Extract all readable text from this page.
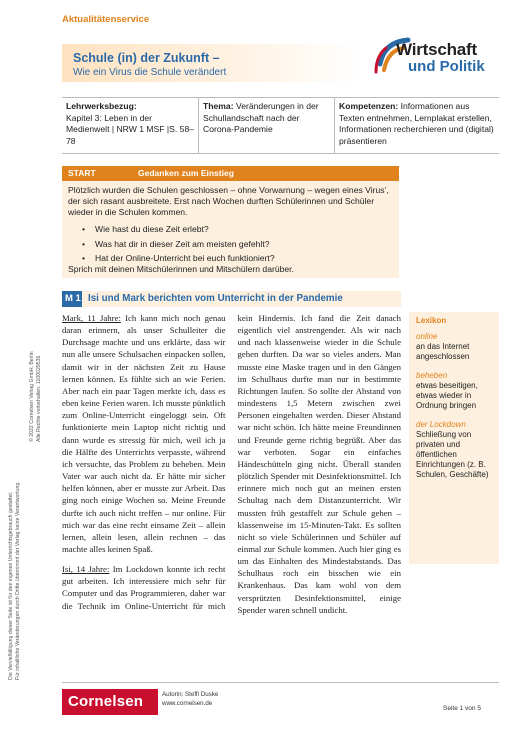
Aktualitätenservice
Schule (in) der Zukunft –
Wie ein Virus die Schule verändert
Wirtschaft
und Politik
Lehrwerksbezug:
Kapitel 3: Leben in der Medienwelt | NRW 1 MSF |S. 58–78
Thema: Veränderungen in der Schullandschaft nach der Corona-Pandemie
Kompetenzen: Informationen aus Texten entnehmen, Lernplakat erstellen, Informationen recherchieren und (digital) präsentieren
START	Gedanken zum Einstieg
Plötzlich wurden die Schulen geschlossen – ohne Vorwarnung – wegen eines Virus’, der sich rasant ausbreitete. Erst nach Wochen durften Schülerinnen und Schüler wieder in die Schulen kommen.
• Wie hast du diese Zeit erlebt?
• Was hat dir in dieser Zeit am meisten gefehlt?
• Hat der Online-Unterricht bei euch funktioniert?
Sprich mit deinen Mitschülerinnen und Mitschülern darüber.
M 1 Isi und Mark berichten vom Unterricht in der Pandemie

Mark, 11 Jahre: Ich kann mich noch genau daran erinnern, als unser Schulleiter die Durchsage machte und uns erklärte, dass wir nun alle unsere Schulsachen einpacken sollen, damit wir in der nächsten Zeit zu Hause lernen können. Es fühlte sich an wie Ferien. Aber nach ein paar Tagen merkte ich, dass es eben keine Ferien waren. Ich musste pünktlich zum Online-Unterricht eingeloggt sein. Oft funktionierte mein Laptop nicht richtig und dann wurde es stressig für mich, weil ich ja die Hälfte des Unterrichts verpasste, während ich versuchte, das Problem zu beheben. Mein Vater war auch nicht da. Er hätte mir sicher helfen können, aber er musste zur Arbeit. Das ging noch einige Wochen so. Meine Freunde durfte ich auch nicht treffen – nur online. Für mich war das eine recht einsame Zeit – allein lernen, allein lesen, allein rechnen – das machte alles keinen Spaß.

Isi, 14 Jahre: Im Lockdown konnte ich recht gut arbeiten. Ich interessiere mich sehr für Computer und das Programmieren, daher war die Technik im Online-Unterricht für mich kein Hindernis. Ich fand die Zeit danach eigentlich viel anstrengender. Als wir nach und nach klassenweise wieder in die Schule gehen durften. Da war so vieles anders. Man musste eine Maske tragen und in den Gängen im Schulhaus durfte man nur in bestimmte Richtungen laufen. So sollte der Abstand von mindestens 1,5 Metern zwischen zwei Personen eingehalten werden. Dieser Abstand war nicht schön. Ich hätte meine Freundinnen und Freunde gerne richtig begrüßt. Aber das war verboten. Sogar ein einfaches Händeschütteln ging nicht. Überall standen plötzlich Spender mit Desinfektionsmittel. Ich erinnere mich noch gut an meinen ersten Schultag nach dem Distanzunterricht. Wir mussten früh gestaffelt zur Schule gehen – klassenweise im 15-Minuten-Takt. Es sollten nicht so viele Schülerinnen und Schüler auf einmal zur Schule kommen. Auch hier ging es um das Einhalten des Mindestabstands. Das Schulhaus roch ein bisschen wie ein Krankenhaus. Das kam wohl von dem versprützten Desinfektionsmittel, einige Spender waren schnell undicht.

Lexikon
online
an das Internet angeschlossen
beheben
etwas beseitigen, etwas wieder in Ordnung bringen
der Lockdown
Schließung von privaten und öffentlichen Einrichtungen (z. B. Schulen, Geschäfte)
Die Vervielfältigung dieser Seite ist für den eigenen Unterrichtsgebrauch gestattet. Für inhaltliche Veränderungen durch Dritte übernimmt der Verlag keine Verantwortung.
© 2022 Cornelsen Verlag GmbH, Berlin Alle Rechte vorbehalten. 1100029536
Cornelsen	Autorin: Steffi Duske
www.cornelsen.de
Seite 1 von 5
